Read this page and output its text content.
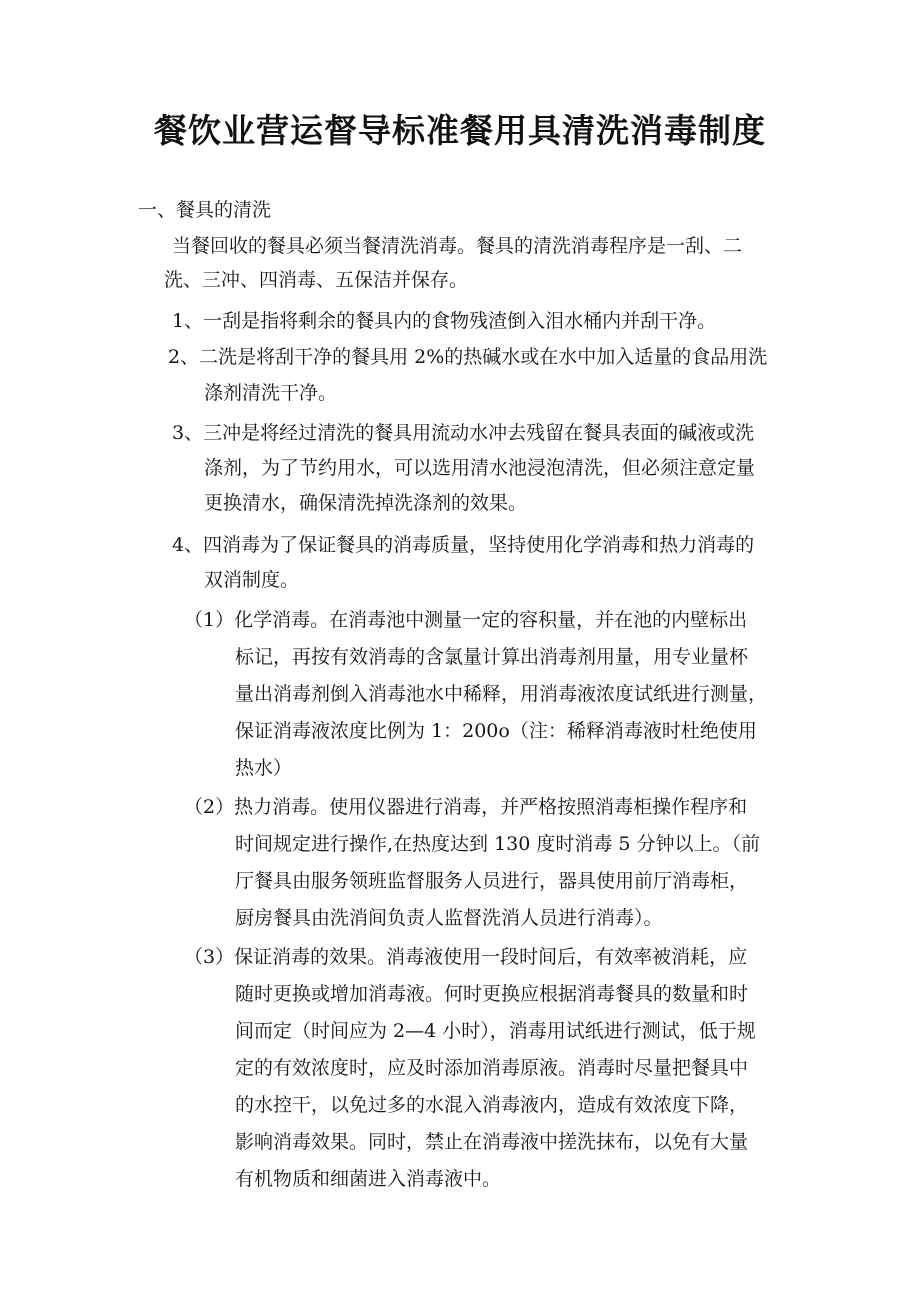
餐饮业营运督导标准餐用具清洗消毒制度
一、餐具的清洗
当餐回收的餐具必须当餐清洗消毒。餐具的清洗消毒程序是一刮、二
洗、三冲、四消毒、五保洁并保存。
1、一刮是指将剩余的餐具内的食物残渣倒入泪水桶内并刮干净。
2、二洗是将刮干净的餐具用 2%的热碱水或在水中加入适量的食品用洗
涤剂清洗干净。
3、三冲是将经过清洗的餐具用流动水冲去残留在餐具表面的碱液或洗
涤剂，为了节约用水，可以选用清水池浸泡清洗，但必须注意定量
更换清水，确保清洗掉洗涤剂的效果。
4、四消毒为了保证餐具的消毒质量，坚持使用化学消毒和热力消毒的
双消制度。
（1）化学消毒。在消毒池中测量一定的容积量，并在池的内壁标出
标记，再按有效消毒的含氯量计算出消毒剂用量，用专业量杯
量出消毒剂倒入消毒池水中稀释，用消毒液浓度试纸进行测量，
保证消毒液浓度比例为 1：200o（注：稀释消毒液时杜绝使用
热水）
（2）热力消毒。使用仪器进行消毒，并严格按照消毒柜操作程序和
时间规定进行操作,在热度达到 130 度时消毒 5 分钟以上。（前
厅餐具由服务领班监督服务人员进行，器具使用前厅消毒柜，
厨房餐具由洗消间负责人监督洗消人员进行消毒）。
（3）保证消毒的效果。消毒液使用一段时间后，有效率被消耗，应
随时更换或增加消毒液。何时更换应根据消毒餐具的数量和时
间而定（时间应为 2—4 小时），消毒用试纸进行测试，低于规
定的有效浓度时，应及时添加消毒原液。消毒时尽量把餐具中
的水控干，以免过多的水混入消毒液内，造成有效浓度下降，
影响消毒效果。同时，禁止在消毒液中搓洗抹布，以免有大量
有机物质和细菌进入消毒液中。
